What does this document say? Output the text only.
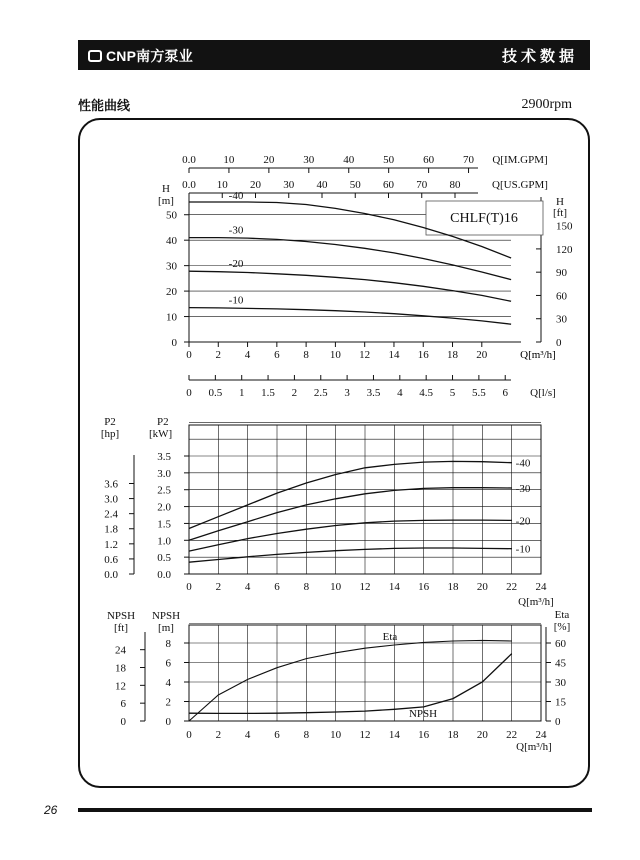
CNP南方泵业	技术数据
性能曲线	2900rpm
0
10
20
30
40
50
H
[m]
0
30
60
90
120
150
H
[ft]
0 2 4 6 8 10 12 14 16 18 20	Q[m³/h]
0.0	10	20	30	40	50	60	70 Q[IM.GPM]
0.0 10 20 30 40 50 60 70 80	Q[US.GPM]
0 0.5 1 1.5 2 2.5 3 3.5 4 4.5 5 5.5 6 Q[l/s]
CHLF(T)16
-40
-30
-20
-10
0.0
0.5
1.0
1.5
2.0
2.5
3.0
3.5
P2
[kW]
0.0
0.6
1.2
1.8
2.4
3.0
3.6
P2
[hp]
0 2 4 6 8 10 12 14 16 18 20 22 24
Q[m³/h]
-40
-30
-20
-10
0
2
4
6
8
NPSH
[m]
0
6
12
18
24
NPSH
[ft]
0
15
30
45
60
Eta
[%]
0 2 4 6 8 10 12 14 16 18 20 22 24
Q[m³/h]
Eta
NPSH
26
